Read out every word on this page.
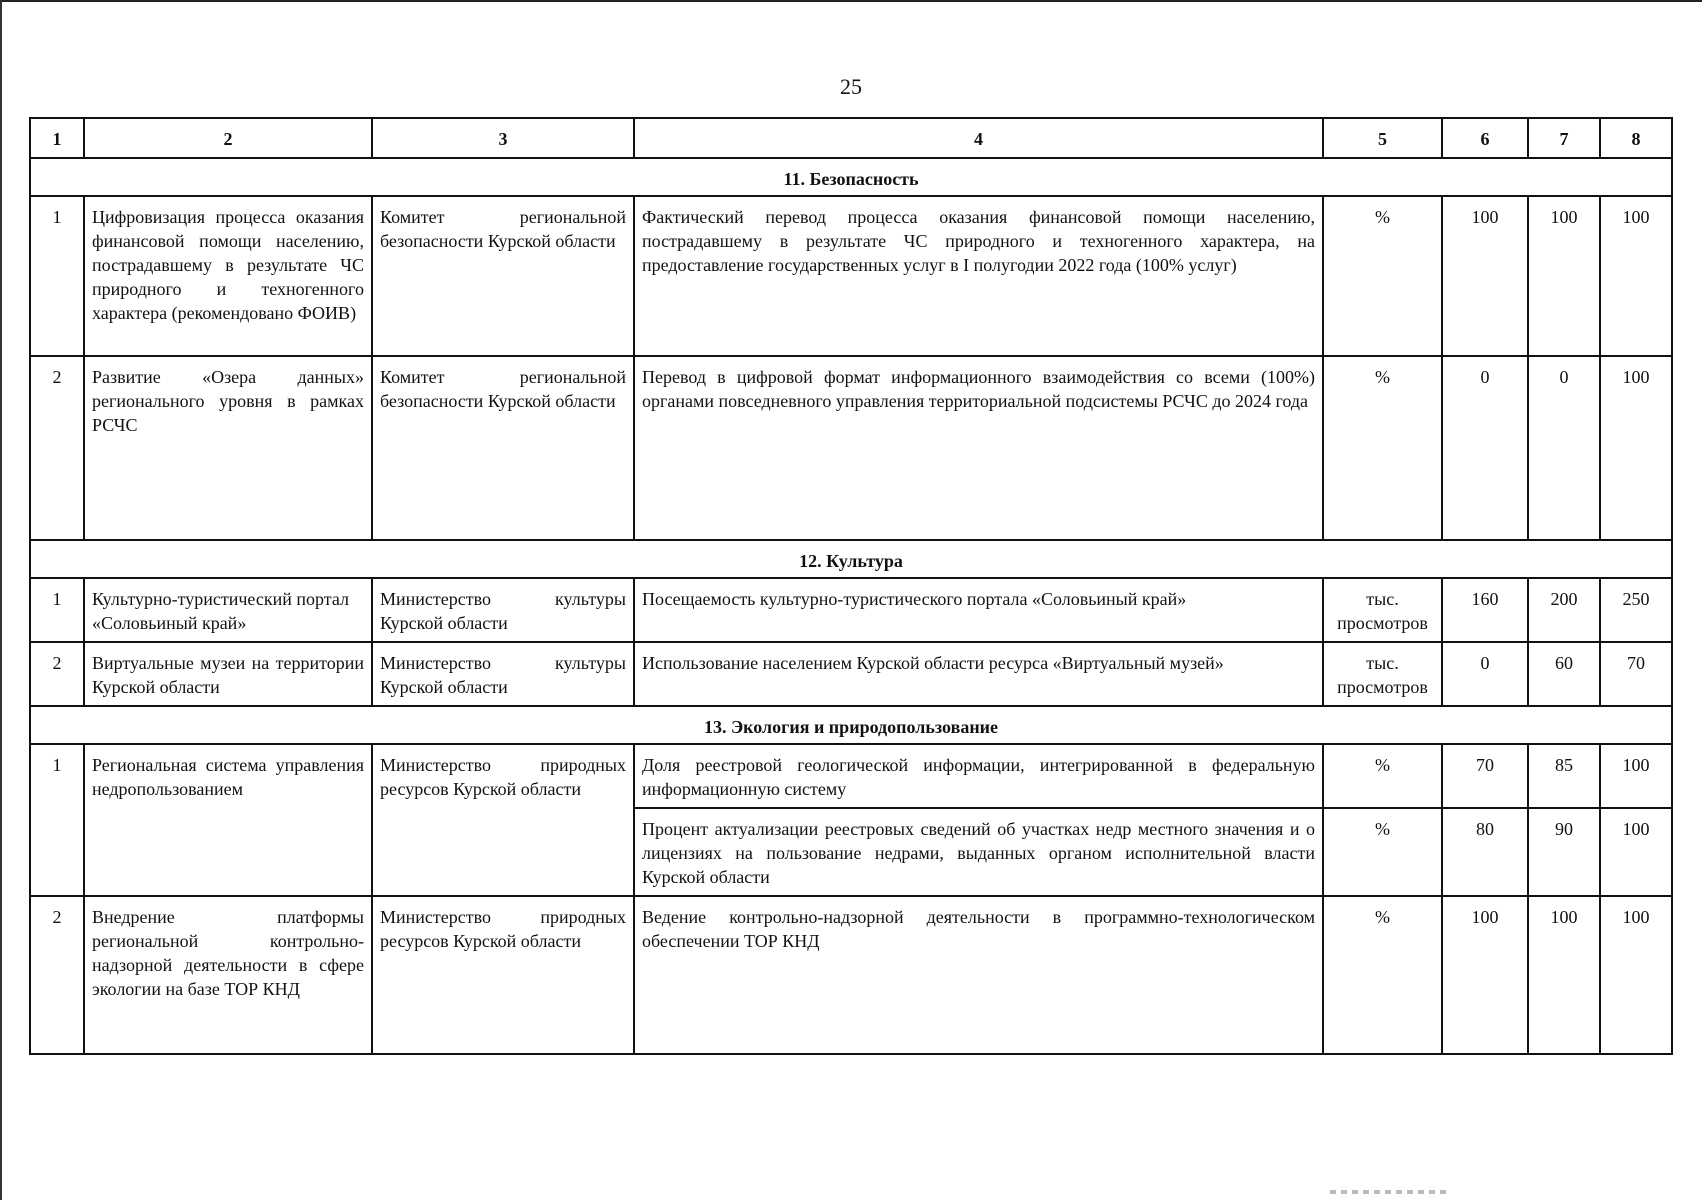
25
1	2	3	4	5	6	7	8
11. Безопасность							
1	Цифровизация процесса оказания финансовой помощи населению, пострадавшему в результате ЧС природного и техногенного характера (рекомендовано ФОИВ)	Комитет региональной безопасности Курской области	Фактический перевод процесса оказания финансовой помощи населению, пострадавшему в результате ЧС природного и техногенного характера, на предоставление государственных услуг в I полугодии 2022 года (100% услуг)	%	100	100	100
2	Развитие «Озера данных» регионального уровня в рамках РСЧС	Комитет региональной безопасности Курской области	Перевод в цифровой формат информационного взаимодействия со всеми (100%) органами повседневного управления территориальной подсистемы РСЧС до 2024 года	%	0	0	100
12. Культура							
1	Культурно-туристический портал «Соловьиный край»	Министерство культуры Курской области	Посещаемость культурно-туристического портала «Соловьиный край»	тыс. просмотров	160	200	250
2	Виртуальные музеи на территории Курской области	Министерство культуры Курской области	Использование населением Курской области ресурса «Виртуальный музей»	тыс. просмотров	0	60	70
13. Экология и природопользование							
1	Региональная система управления недропользованием	Министерство природных ресурсов Курской области	Доля реестровой геологической информации, интегрированной в федеральную информационную систему	%	70	85	100
			Процент актуализации реестровых сведений об участках недр местного значения и о лицензиях на пользование недрами, выданных органом исполнительной власти Курской области	%	80	90	100
2	Внедрение платформы региональной контрольно-надзорной деятельности в сфере экологии на базе ТОР КНД	Министерство природных ресурсов Курской области	Ведение контрольно-надзорной деятельности в программно-технологическом обеспечении ТОР КНД	%	100	100	100
